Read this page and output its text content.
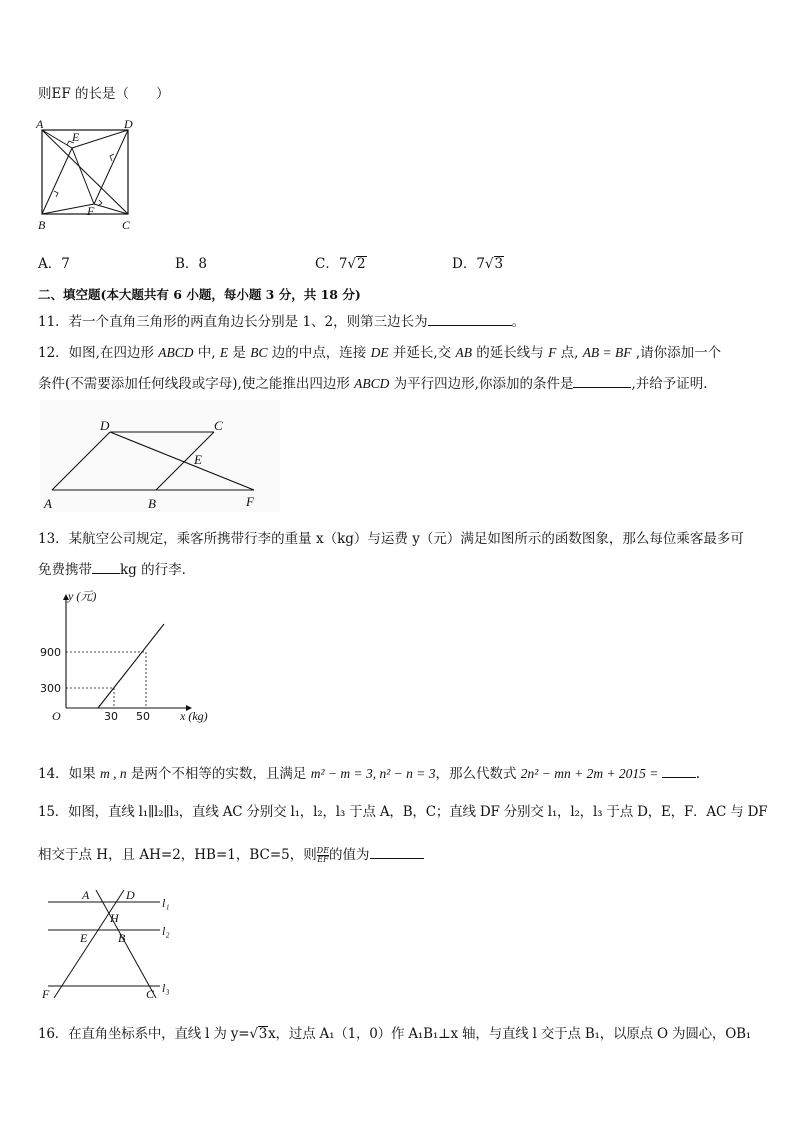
则EF 的长是（　　）
A	D
E
B
F
C
A．7	B．8	C．7√2	D．7√3
二、填空题(本大题共有 6 小题，每小题 3 分，共 18 分)
11．若一个直角三角形的两直角边长分别是 1、2，则第三边长为	。
12．如图,在四边形 ABCD 中, E 是 BC 边的中点，连接 DE 并延长,交 AB 的延长线与 F 点, AB = BF ,请你添加一个
条件(不需要添加任何线段或字母),使之能推出四边形 ABCD 为平行四边形,你添加的条件是	,并给予证明.
D	C
E
A	B	F
13．某航空公司规定，乘客所携带行李的重量 x（kg）与运费 y（元）满足如图所示的函数图象，那么每位乘客最多可
免费携带 kg 的行李．
y (元)
900
300
O	30 50	x (kg)
14．如果 m , n 是两个不相等的实数，且满足 m² − m = 3, n² − n = 3，那么代数式 2n² − mn + 2m + 2015 =	.
15．如图，直线 l₁∥l₂∥l₃，直线 AC 分别交 l₁，l₂，l₃ 于点 A，B，C；直线 DF 分别交 l₁，l₂，l₃ 于点 D，E，F．AC 与 DF
相交于点 H，且 AH=2，HB=1，BC=5，则 $\frac{DE}{EF}$ 的值为
A	D
H
E	B
F	C
l₁
l₂
l₃
16．在直角坐标系中，直线 l 为 y=√3x，过点 A₁（1，0）作 A₁B₁⊥x 轴，与直线 l 交于点 B₁，以原点 O 为圆心，OB₁
